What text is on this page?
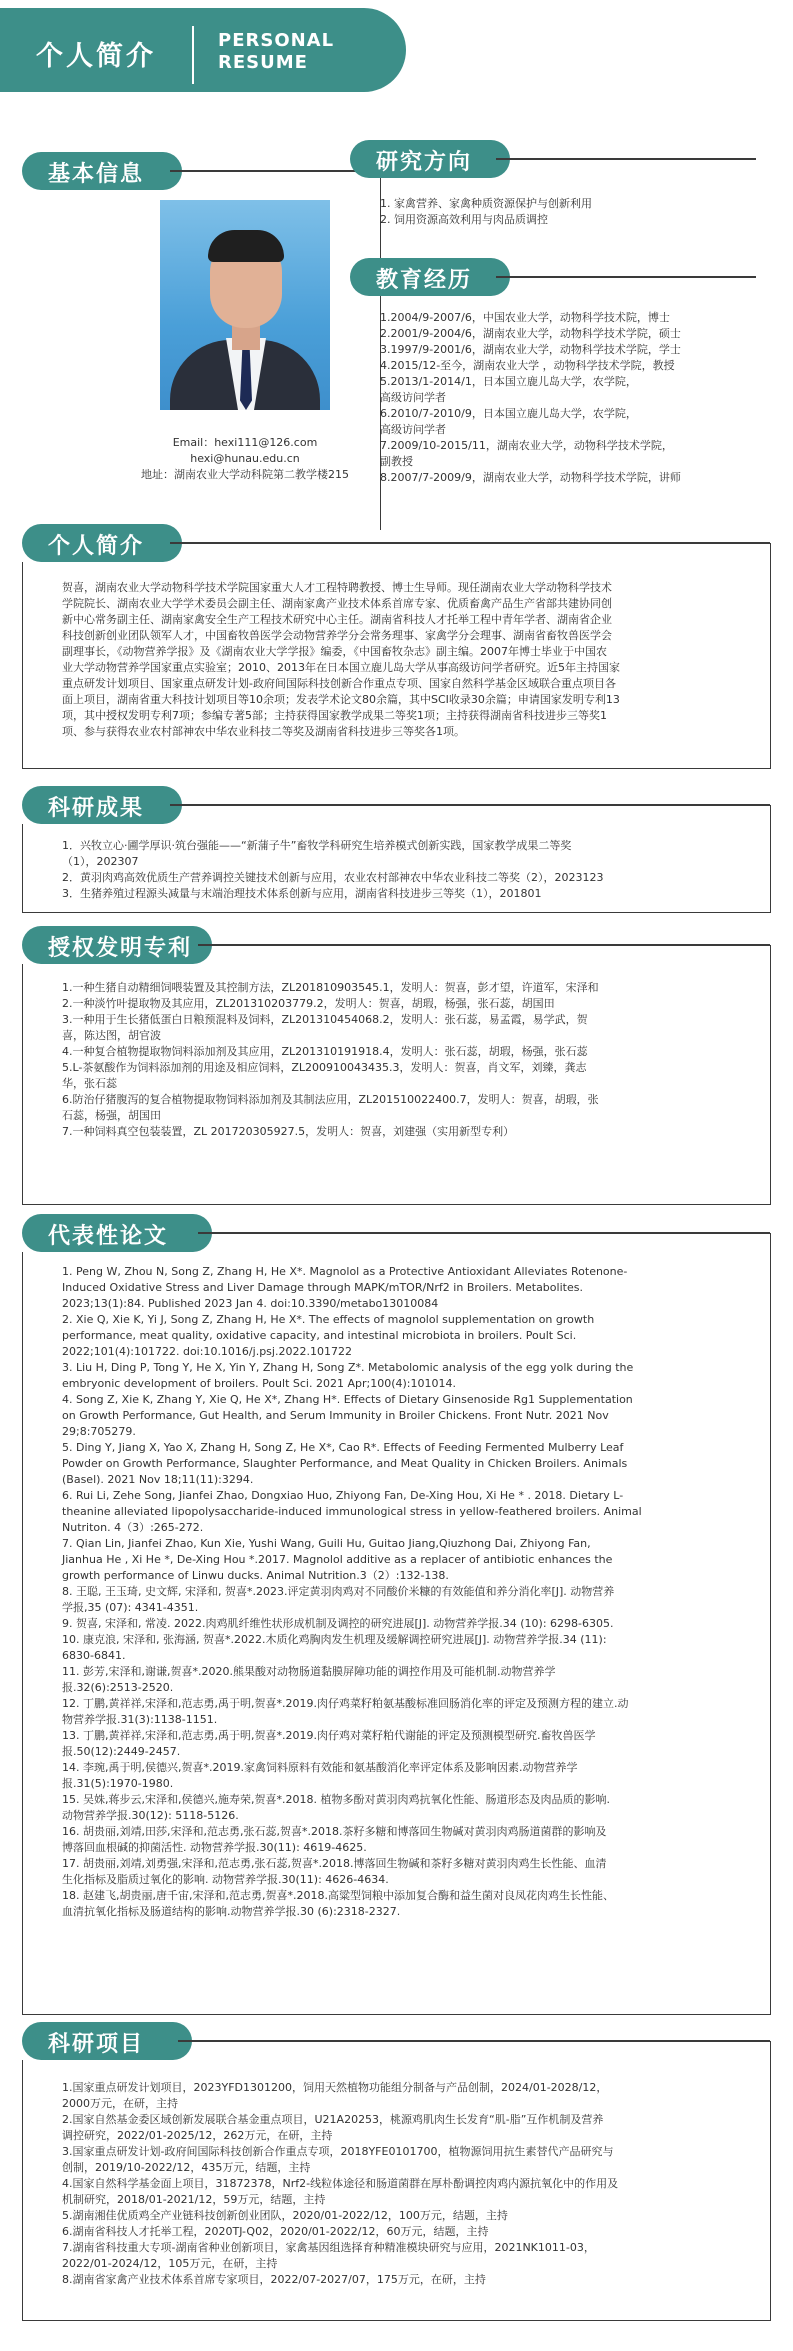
个人简介
PERSONAL
RESUME
基本信息
Email：hexi111@126.com
hexi@hunau.edu.cn
地址：湖南农业大学动科院第二教学楼215
研究方向
1. 家禽营养、家禽种质资源保护与创新利用
2. 饲用资源高效利用与肉品质调控
教育经历
1.2004/9-2007/6，中国农业大学，动物科学技术院，博士
2.2001/9-2004/6，湖南农业大学，动物科学技术学院，硕士
3.1997/9-2001/6，湖南农业大学，动物科学技术学院，学士
4.2015/12-至今，湖南农业大学 ，动物科学技术学院，教授
5.2013/1-2014/1，日本国立鹿儿岛大学，农学院，
高级访问学者
6.2010/7-2010/9，日本国立鹿儿岛大学，农学院，
高级访问学者
7.2009/10-2015/11，湖南农业大学，动物科学技术学院，
副教授
8.2007/7-2009/9，湖南农业大学，动物科学技术学院，讲师
个人简介
贺喜，湖南农业大学动物科学技术学院国家重大人才工程特聘教授、博士生导师。现任湖南农业大学动物科学技术
学院院长、湖南农业大学学术委员会副主任、湖南家禽产业技术体系首席专家、优质畜禽产品生产省部共建协同创
新中心常务副主任、湖南家禽安全生产工程技术研究中心主任。湖南省科技人才托举工程中青年学者、湖南省企业
科技创新创业团队领军人才，中国畜牧兽医学会动物营养学分会常务理事、家禽学分会理事、湖南省畜牧兽医学会
副理事长，《动物营养学报》及《湖南农业大学学报》编委，《中国畜牧杂志》副主编。2007年博士毕业于中国农
业大学动物营养学国家重点实验室；2010、2013年在日本国立鹿儿岛大学从事高级访问学者研究。近5年主持国家
重点研发计划项目、国家重点研发计划-政府间国际科技创新合作重点专项、国家自然科学基金区域联合重点项目各
面上项目，湖南省重大科技计划项目等10余项；发表学术论文80余篇，其中SCI收录30余篇；申请国家发明专利13
项，其中授权发明专利7项；参编专著5部；主持获得国家教学成果二等奖1项；主持获得湖南省科技进步三等奖1
项、参与获得农业农村部神农中华农业科技二等奖及湖南省科技进步三等奖各1项。
科研成果
1．兴牧立心·圃学厚识·筑台强能——“新蒲子牛”畜牧学科研究生培养模式创新实践，国家教学成果二等奖
（1），202307
2．黄羽肉鸡高效优质生产营养调控关键技术创新与应用，农业农村部神农中华农业科技二等奖（2），2023123
3．生猪养殖过程源头减量与末端治理技术体系创新与应用，湖南省科技进步三等奖（1），201801
授权发明专利
1.一种生猪自动精细饲喂装置及其控制方法，ZL201810903545.1，发明人：贺喜，彭才望，许道军，宋泽和
2.一种淡竹叶提取物及其应用，ZL201310203779.2，发明人：贺喜，胡瑕，杨强，张石蕊，胡国田
3.一种用于生长猪低蛋白日粮预混料及饲料，ZL201310454068.2，发明人：张石蕊，易孟霞，易学武，贺
喜，陈达图，胡官波
4.一种复合植物提取物饲料添加剂及其应用，ZL201310191918.4，发明人：张石蕊，胡瑕，杨强，张石蕊
5.L-茶氨酸作为饲料添加剂的用途及相应饲料，ZL200910043435.3，发明人：贺喜，肖文军，刘臻，龚志
华，张石蕊
6.防治仔猪腹泻的复合植物提取物饲料添加剂及其制法应用，ZL201510022400.7，发明人：贺喜，胡瑕，张
石蕊，杨强，胡国田
7.一种饲料真空包装装置，ZL 201720305927.5，发明人：贺喜，刘建强（实用新型专利）
代表性论文
1. Peng W, Zhou N, Song Z, Zhang H, He X*. Magnolol as a Protective Antioxidant Alleviates Rotenone-
Induced Oxidative Stress and Liver Damage through MAPK/mTOR/Nrf2 in Broilers. Metabolites.
2023;13(1):84. Published 2023 Jan 4. doi:10.3390/metabo13010084
2. Xie Q, Xie K, Yi J, Song Z, Zhang H, He X*. The effects of magnolol supplementation on growth
performance, meat quality, oxidative capacity, and intestinal microbiota in broilers. Poult Sci.
2022;101(4):101722. doi:10.1016/j.psj.2022.101722
3. Liu H, Ding P, Tong Y, He X, Yin Y, Zhang H, Song Z*. Metabolomic analysis of the egg yolk during the
embryonic development of broilers. Poult Sci. 2021 Apr;100(4):101014.
4. Song Z, Xie K, Zhang Y, Xie Q, He X*, Zhang H*. Effects of Dietary Ginsenoside Rg1 Supplementation
on Growth Performance, Gut Health, and Serum Immunity in Broiler Chickens. Front Nutr. 2021 Nov
29;8:705279.
5. Ding Y, Jiang X, Yao X, Zhang H, Song Z, He X*, Cao R*. Effects of Feeding Fermented Mulberry Leaf
Powder on Growth Performance, Slaughter Performance, and Meat Quality in Chicken Broilers. Animals
(Basel). 2021 Nov 18;11(11):3294.
6. Rui Li, Zehe Song, Jianfei Zhao, Dongxiao Huo, Zhiyong Fan, De-Xing Hou, Xi He * . 2018. Dietary L-
theanine alleviated lipopolysaccharide-induced immunological stress in yellow-feathered broilers. Animal
Nutriton. 4（3）:265-272.
7. Qian Lin, Jianfei Zhao, Kun Xie, Yushi Wang, Guili Hu, Guitao Jiang,Qiuzhong Dai, Zhiyong Fan,
Jianhua He , Xi He *, De-Xing Hou *.2017. Magnolol additive as a replacer of antibiotic enhances the
growth performance of Linwu ducks. Animal Nutrition.3（2）:132-138.
8. 王聪, 王玉琦, 史文辉, 宋泽和, 贺喜*.2023.评定黄羽肉鸡对不同酸价米糠的有效能值和养分消化率[J]. 动物营养
学报,35 (07): 4341-4351.
9. 贺喜, 宋泽和, 常凌. 2022.肉鸡肌纤维性状形成机制及调控的研究进展[J]. 动物营养学报.34 (10): 6298-6305.
10. 康克浪, 宋泽和, 张海涵, 贺喜*.2022.木质化鸡胸肉发生机理及缓解调控研究进展[J]. 动物营养学报.34 (11):
6830-6841.
11. 彭芳,宋泽和,谢谦,贺喜*.2020.熊果酸对动物肠道黏膜屏障功能的调控作用及可能机制.动物营养学
报.32(6):2513-2520.
12. 丁鹏,黄祥祥,宋泽和,范志勇,禹于明,贺喜*.2019.肉仔鸡菜籽粕氨基酸标准回肠消化率的评定及预测方程的建立.动
物营养学报.31(3):1138-1151.
13. 丁鹏,黄祥祥,宋泽和,范志勇,禹于明,贺喜*.2019.肉仔鸡对菜籽粕代谢能的评定及预测模型研究.畜牧兽医学
报.50(12):2449-2457.
14. 李琬,禹于明,侯德兴,贺喜*.2019.家禽饲料原料有效能和氨基酸消化率评定体系及影响因素.动物营养学
报.31(5):1970-1980.
15. 吴姝,蒋步云,宋泽和,侯德兴,施寿荣,贺喜*.2018. 植物多酚对黄羽肉鸡抗氧化性能、肠道形态及肉品质的影响.
动物营养学报.30(12): 5118-5126.
16. 胡贵丽,刘靖,田莎,宋泽和,范志勇,张石蕊,贺喜*.2018.茶籽多糖和博落回生物碱对黄羽肉鸡肠道菌群的影响及
博落回血根碱的抑菌活性. 动物营养学报.30(11): 4619-4625.
17. 胡贵丽,刘靖,刘勇强,宋泽和,范志勇,张石蕊,贺喜*.2018.博落回生物碱和茶籽多糖对黄羽肉鸡生长性能、血清
生化指标及脂质过氧化的影响. 动物营养学报.30(11): 4626-4634.
18. 赵建飞,胡贵丽,唐千宙,宋泽和,范志勇,贺喜*.2018.高粱型饲粮中添加复合酶和益生菌对良凤花肉鸡生长性能、
血清抗氧化指标及肠道结构的影响.动物营养学报.30 (6):2318-2327.
科研项目
1.国家重点研发计划项目，2023YFD1301200，饲用天然植物功能组分制备与产品创制，2024/01-2028/12，
2000万元，在研，主持
2.国家自然基金委区域创新发展联合基金重点项目，U21A20253，桃源鸡肌肉生长发育“肌-脂”互作机制及营养
调控研究，2022/01-2025/12，262万元，在研，主持
3.国家重点研发计划-政府间国际科技创新合作重点专项，2018YFE0101700，植物源饲用抗生素替代产品研究与
创制，2019/10-2022/12，435万元，结题，主持
4.国家自然科学基金面上项目，31872378，Nrf2-线粒体途径和肠道菌群在厚朴酚调控肉鸡内源抗氧化中的作用及
机制研究，2018/01-2021/12，59万元，结题，主持
5.湖南湘佳优质鸡全产业链科技创新创业团队，2020/01-2022/12，100万元，结题，主持
6.湖南省科技人才托举工程，2020TJ-Q02，2020/01-2022/12，60万元，结题，主持
7.湖南省科技重大专项-湖南省种业创新项目，家禽基因组选择育种精准模块研究与应用，2021NK1011-03，
2022/01-2024/12，105万元，在研，主持
8.湖南省家禽产业技术体系首席专家项目，2022/07-2027/07，175万元，在研，主持
